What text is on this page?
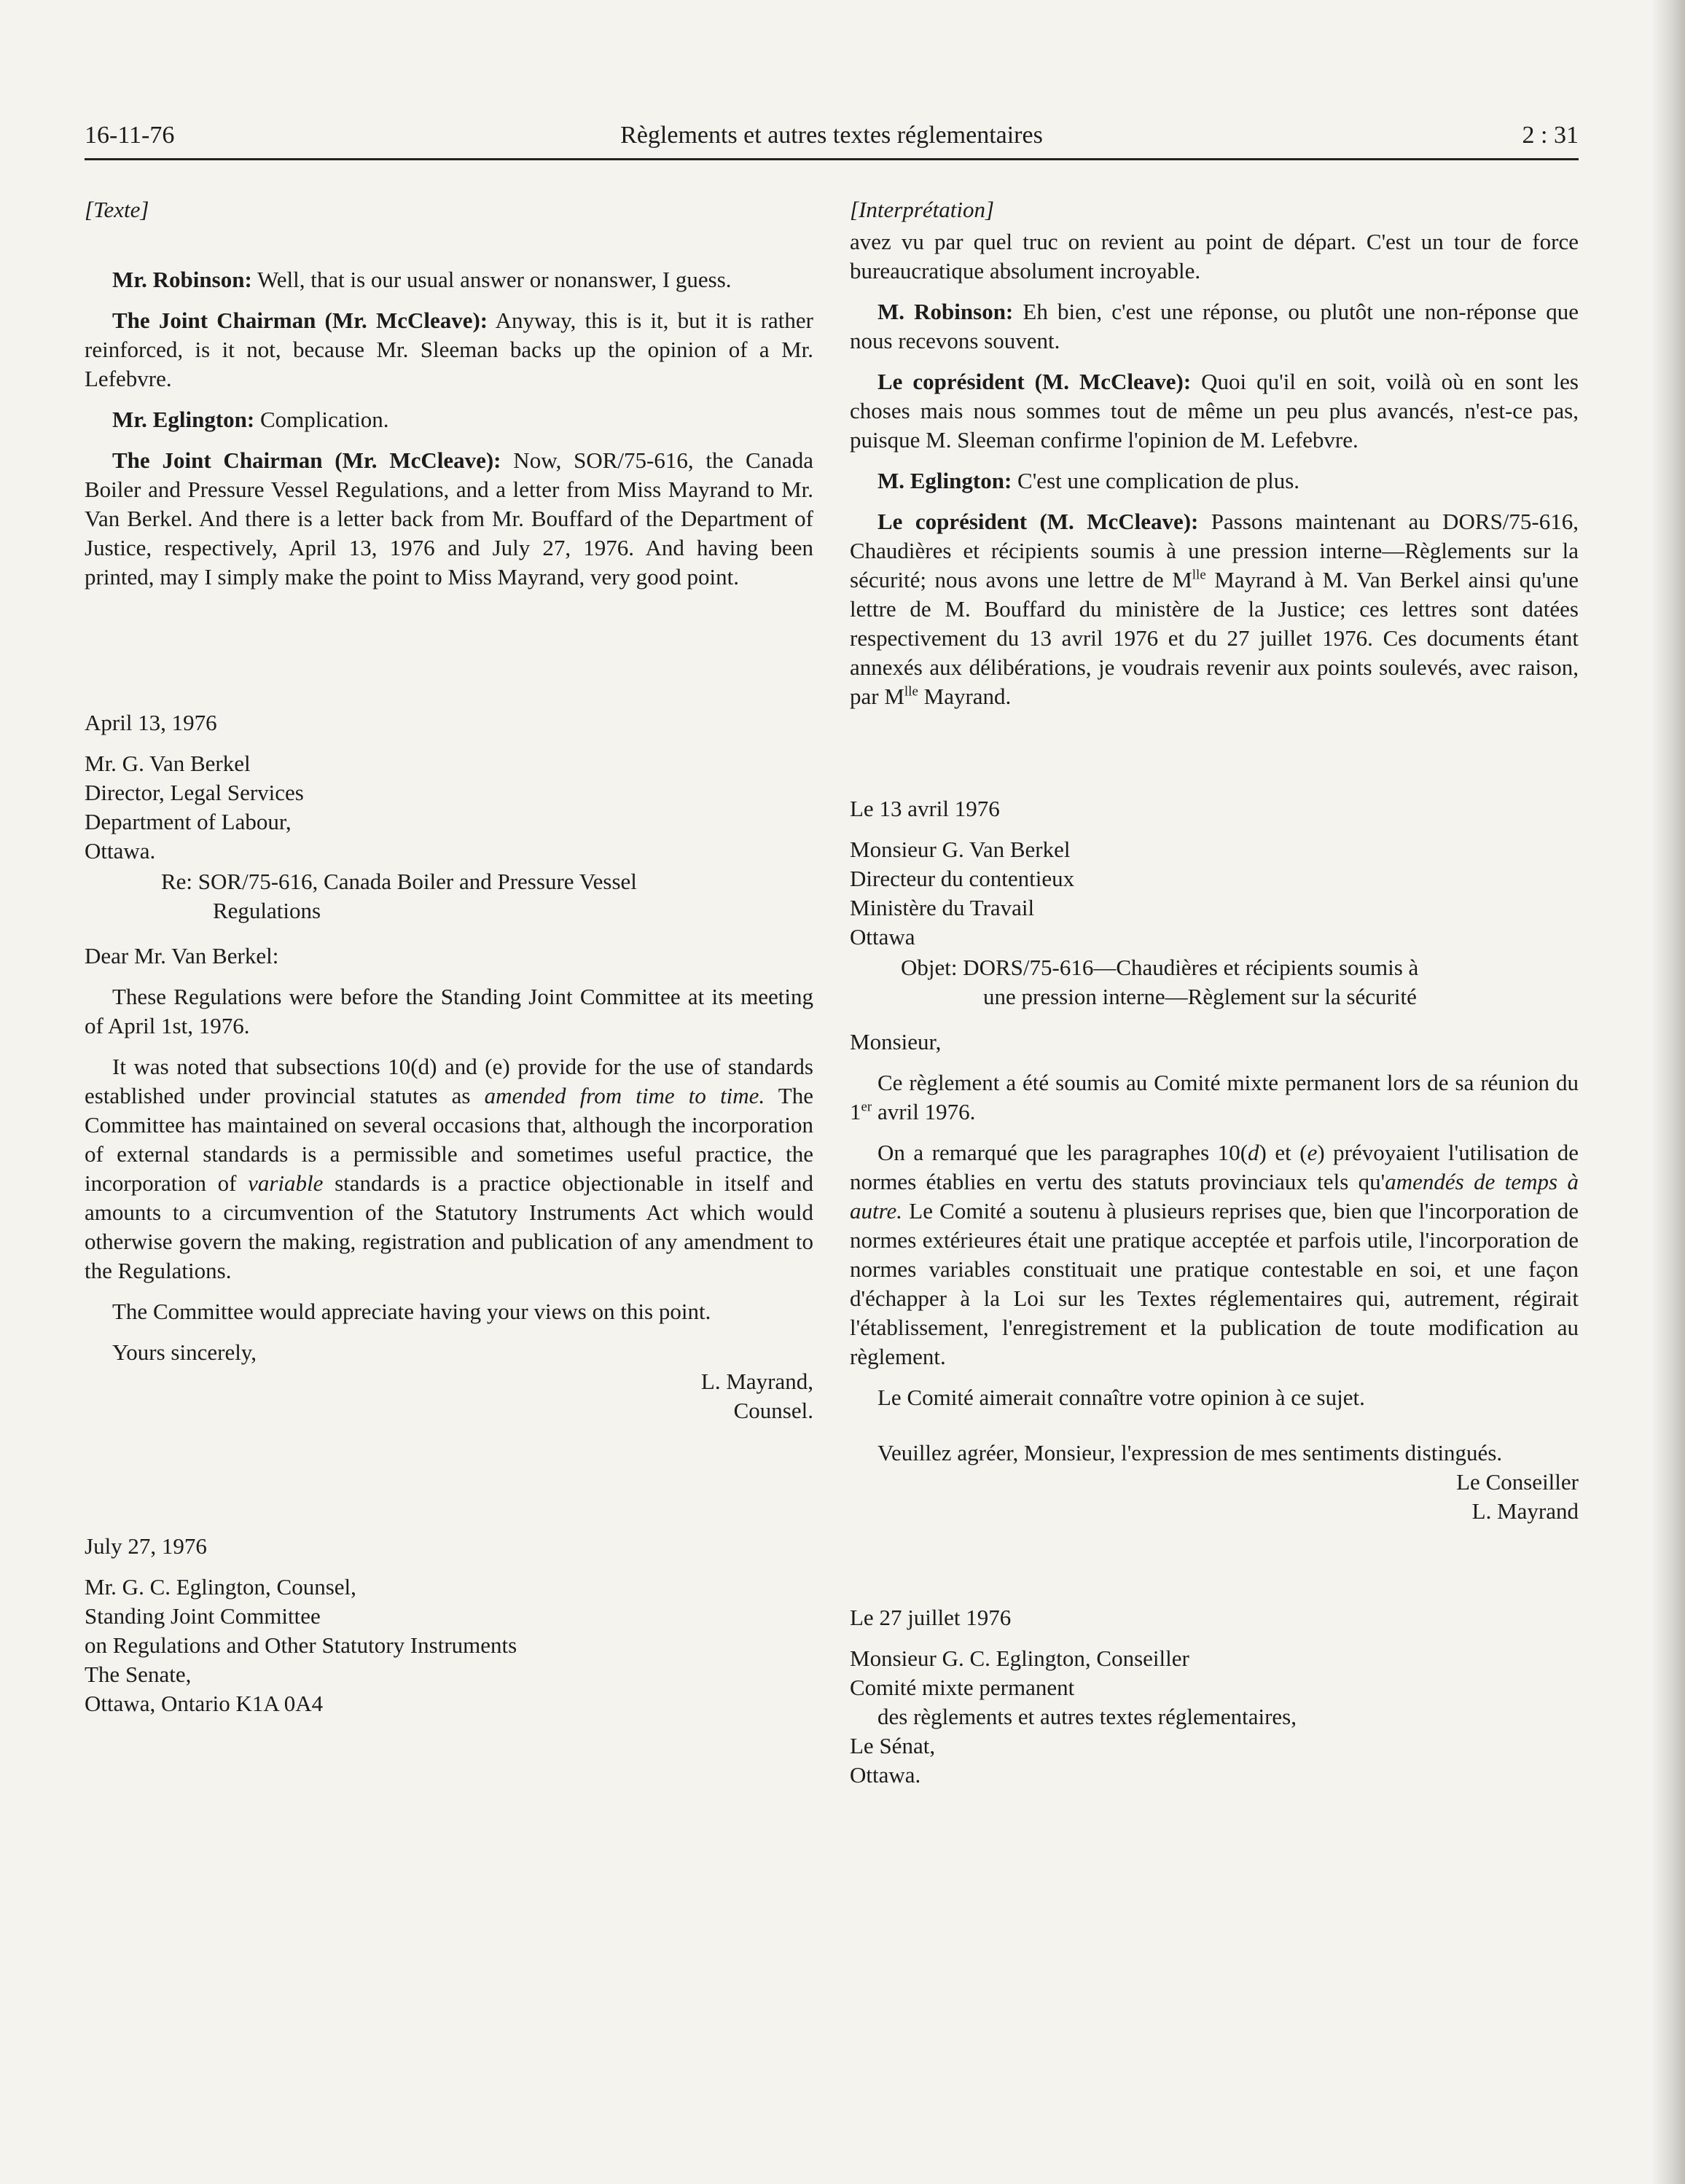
16-11-76	Règlements et autres textes réglementaires	2 : 31

[Texte]

Mr. Robinson: Well, that is our usual answer or nonanswer, I guess.

The Joint Chairman (Mr. McCleave): Anyway, this is it, but it is rather reinforced, is it not, because Mr. Sleeman backs up the opinion of a Mr. Lefebvre.

Mr. Eglington: Complication.

The Joint Chairman (Mr. McCleave): Now, SOR/75-616, the Canada Boiler and Pressure Vessel Regulations, and a letter from Miss Mayrand to Mr. Van Berkel. And there is a letter back from Mr. Bouffard of the Department of Justice, respectively, April 13, 1976 and July 27, 1976. And having been printed, may I simply make the point to Miss Mayrand, very good point.

April 13, 1976

Mr. G. Van Berkel
Director, Legal Services
Department of Labour,
Ottawa.

Re: SOR/75-616, Canada Boiler and Pressure Vessel
Regulations

Dear Mr. Van Berkel:

These Regulations were before the Standing Joint Committee at its meeting of April 1st, 1976.

It was noted that subsections 10(d) and (e) provide for the use of standards established under provincial statutes as amended from time to time. The Committee has maintained on several occasions that, although the incorporation of external standards is a permissible and sometimes useful practice, the incorporation of variable standards is a practice objectionable in itself and amounts to a circumvention of the Statutory Instruments Act which would otherwise govern the making, registration and publication of any amendment to the Regulations.

The Committee would appreciate having your views on this point.

Yours sincerely,

L. Mayrand,
Counsel.

July 27, 1976

Mr. G. C. Eglington, Counsel,
Standing Joint Committee
on Regulations and Other Statutory Instruments
The Senate,
Ottawa, Ontario K1A 0A4

[Interprétation]

avez vu par quel truc on revient au point de départ. C'est un tour de force bureaucratique absolument incroyable.

M. Robinson: Eh bien, c'est une réponse, ou plutôt une non-réponse que nous recevons souvent.

Le coprésident (M. McCleave): Quoi qu'il en soit, voilà où en sont les choses mais nous sommes tout de même un peu plus avancés, n'est-ce pas, puisque M. Sleeman confirme l'opinion de M. Lefebvre.

M. Eglington: C'est une complication de plus.

Le coprésident (M. McCleave): Passons maintenant au DORS/75-616, Chaudières et récipients soumis à une pression interne—Règlements sur la sécurité; nous avons une lettre de $M^{lle}$ Mayrand à M. Van Berkel ainsi qu'une lettre de M. Bouffard du ministère de la Justice; ces lettres sont datées respectivement du 13 avril 1976 et du 27 juillet 1976. Ces documents étant annexés aux délibérations, je voudrais revenir aux points soulevés, avec raison, par $M^{lle}$ Mayrand.

Le 13 avril 1976

Monsieur G. Van Berkel
Directeur du contentieux
Ministère du Travail
Ottawa

Objet: DORS/75-616—Chaudières et récipients soumis à
une pression interne—Règlement sur la sécurité

Monsieur,

Ce règlement a été soumis au Comité mixte permanent lors de sa réunion du 1er avril 1976.

On a remarqué que les paragraphes 10(d) et (e) prévoyaient l'utilisation de normes établies en vertu des statuts provinciaux tels qu'amendés de temps à autre. Le Comité a soutenu à plusieurs reprises que, bien que l'incorporation de normes extérieures était une pratique acceptée et parfois utile, l'incorporation de normes variables constituait une pratique contestable en soi, et une façon d'échapper à la Loi sur les Textes réglementaires qui, autrement, régirait l'établissement, l'enregistrement et la publication de toute modification au règlement.

Le Comité aimerait connaître votre opinion à ce sujet.

Veuillez agréer, Monsieur, l'expression de mes sentiments distingués.

Le Conseiller
L. Mayrand

Le 27 juillet 1976

Monsieur G. C. Eglington, Conseiller
Comité mixte permanent
des règlements et autres textes réglementaires,
Le Sénat,
Ottawa.
